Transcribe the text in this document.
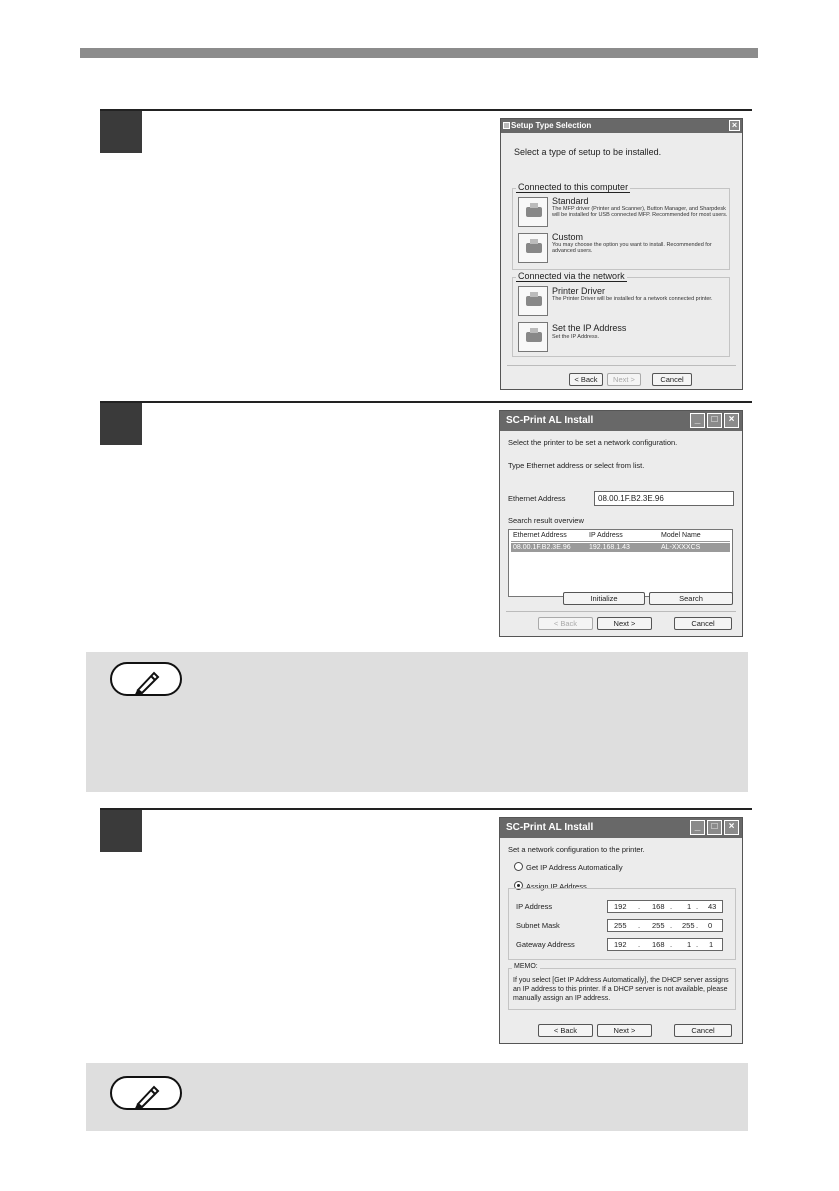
Setup Type Selection	×
Select a type of setup to be installed.
Connected to this computer
Standard
The MFP driver (Printer and Scanner), Button Manager, and Sharpdesk will be installed for USB connected MFP. Recommended for most users.
Custom
You may choose the option you want to install. Recommended for advanced users.
Connected via the network
Printer Driver
The Printer Driver will be installed for a network connected printer.
Set the IP Address
Set the IP Address.
< Back	Next >	Cancel
SC-Print AL Install	_	□	×
Select the printer to be set a network configuration.
Type Ethernet address or select from list.
Ethernet Address	08.00.1F.B2.3E.96
Search result overview
Ethernet Address	IP Address	Model Name
08.00.1F.B2.3E.96	192.168.1.43	AL-XXXXCS
Initialize	Search
< Back	Next >	Cancel
SC-Print AL Install	_	□	×
Set a network configuration to the printer.
Get IP Address Automatically
Assign IP Address
IP Address	192 . 168 . 1 . 43
Subnet Mask	255 . 255 . 255 . 0
Gateway Address	192 . 168 . 1 . 1
MEMO:
If you select [Get IP Address Automatically], the DHCP server assigns an IP address to this printer. If a DHCP server is not available, please manually assign an IP address.
< Back	Next >	Cancel
